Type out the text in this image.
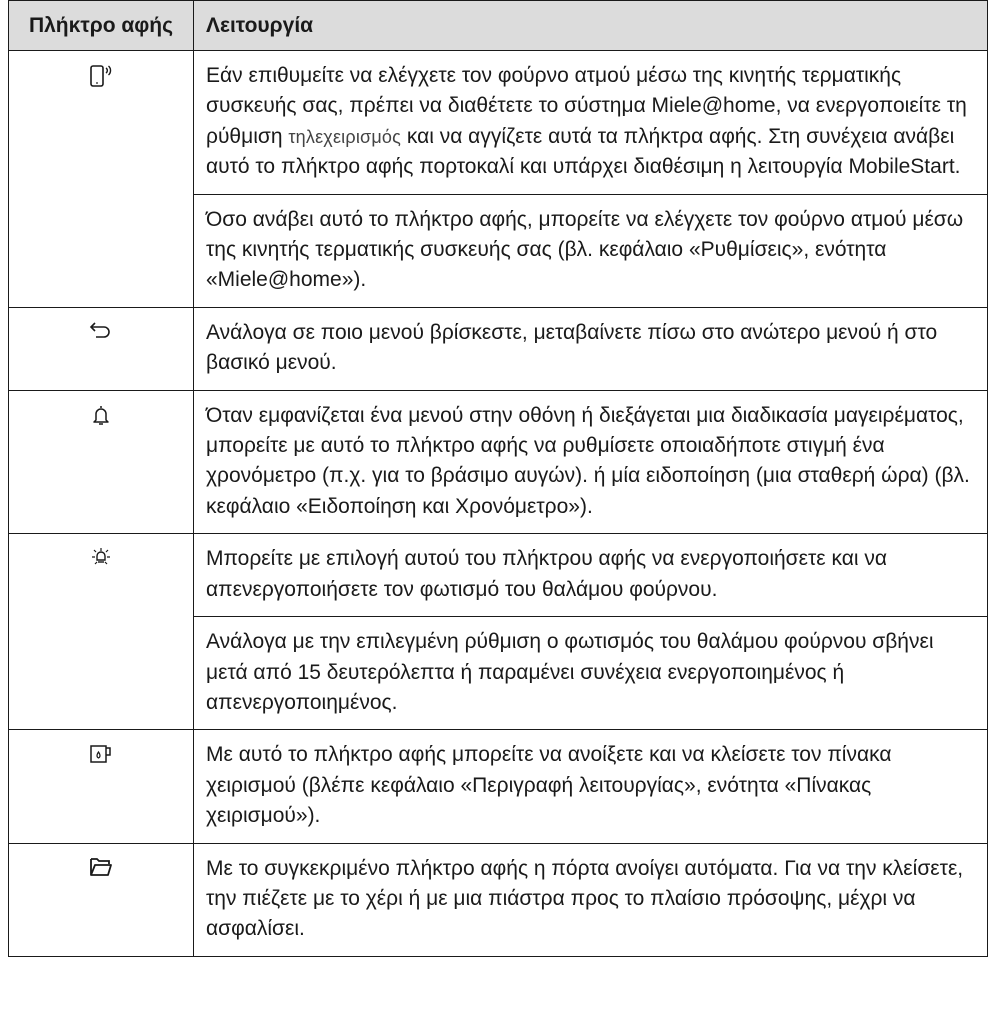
Πλήκτρο αφής	Λειτουργία
	Εάν επιθυμείτε να ελέγχετε τον φούρνο ατμού μέσω της κινητής τερματικής συσκευής σας, πρέπει να διαθέτετε το σύστημα Miele@home, να ενεργοποιείτε τη ρύθμιση τηλεχειρισμός και να αγγίζετε αυτά τα πλήκτρα αφής. Στη συνέχεια ανάβει αυτό το πλήκτρο αφής πορτοκαλί και υπάρχει διαθέσιμη η λειτουργία MobileStart.
	Όσο ανάβει αυτό το πλήκτρο αφής, μπορείτε να ελέγχετε τον φούρνο ατμού μέσω της κινητής τερματικής συσκευής σας (βλ. κεφάλαιο «Ρυθμίσεις», ενότητα «Miele@home»).
	Ανάλογα σε ποιο μενού βρίσκεστε, μεταβαίνετε πίσω στο ανώτερο μενού ή στο βασικό μενού.
	Όταν εμφανίζεται ένα μενού στην οθόνη ή διεξάγεται μια διαδικασία μαγειρέματος, μπορείτε με αυτό το πλήκτρο αφής να ρυθμίσετε οποιαδήποτε στιγμή ένα χρονόμετρο (π.χ. για το βράσιμο αυγών). ή μία ειδοποίηση (μια σταθερή ώρα) (βλ. κεφάλαιο «Ειδοποίηση και Χρονόμετρο»).
	Μπορείτε με επιλογή αυτού του πλήκτρου αφής να ενεργοποιήσετε και να απενεργοποιήσετε τον φωτισμό του θαλάμου φούρνου.
	Ανάλογα με την επιλεγμένη ρύθμιση ο φωτισμός του θαλάμου φούρνου σβήνει μετά από 15 δευτερόλεπτα ή παραμένει συνέχεια ενεργοποιημένος ή απενεργοποιημένος.
	Με αυτό το πλήκτρο αφής μπορείτε να ανοίξετε και να κλείσετε τον πίνακα χειρισμού (βλέπε κεφάλαιο «Περιγραφή λειτουργίας», ενότητα «Πίνακας χειρισμού»).
	Με το συγκεκριμένο πλήκτρο αφής η πόρτα ανοίγει αυτόματα. Για να την κλείσετε, την πιέζετε με το χέρι ή με μια πιάστρα προς το πλαίσιο πρόσοψης, μέχρι να ασφαλίσει.
